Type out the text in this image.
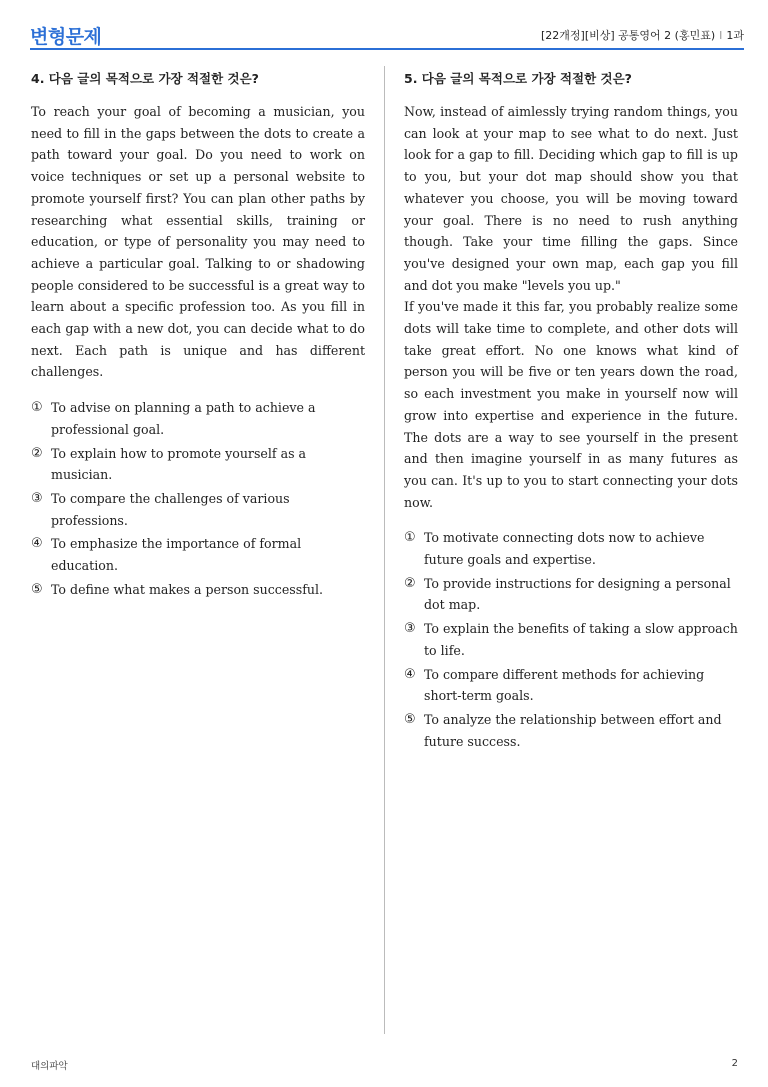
변형문제	[22개정][비상] 공통영어 2 (홍민표) I 1과
4. 다음 글의 목적으로 가장 적절한 것은?

To reach your goal of becoming a musician, you need to fill in the gaps between the dots to create a path toward your goal. Do you need to work on voice techniques or set up a personal website to promote yourself first? You can plan other paths by researching what essential skills, training or education, or type of personality you may need to achieve a particular goal. Talking to or shadowing people considered to be successful is a great way to learn about a specific profession too. As you fill in each gap with a new dot, you can decide what to do next. Each path is unique and has different challenges.

① To advise on planning a path to achieve a professional goal.
② To explain how to promote yourself as a musician.
③ To compare the challenges of various professions.
④ To emphasize the importance of formal education.
⑤ To define what makes a person successful.
5. 다음 글의 목적으로 가장 적절한 것은?

Now, instead of aimlessly trying random things, you can look at your map to see what to do next. Just look for a gap to fill. Deciding which gap to fill is up to you, but your dot map should show you that whatever you choose, you will be moving toward your goal. There is no need to rush anything though. Take your time filling the gaps. Since you've designed your own map, each gap you fill and dot you make "levels you up."

If you've made it this far, you probably realize some dots will take time to complete, and other dots will take great effort. No one knows what kind of person you will be five or ten years down the road, so each investment you make in yourself now will grow into expertise and experience in the future. The dots are a way to see yourself in the present and then imagine yourself in as many futures as you can. It's up to you to start connecting your dots now.

① To motivate connecting dots now to achieve future goals and expertise.
② To provide instructions for designing a personal dot map.
③ To explain the benefits of taking a slow approach to life.
④ To compare different methods for achieving short-term goals.
⑤ To analyze the relationship between effort and future success.
대의파악	2
